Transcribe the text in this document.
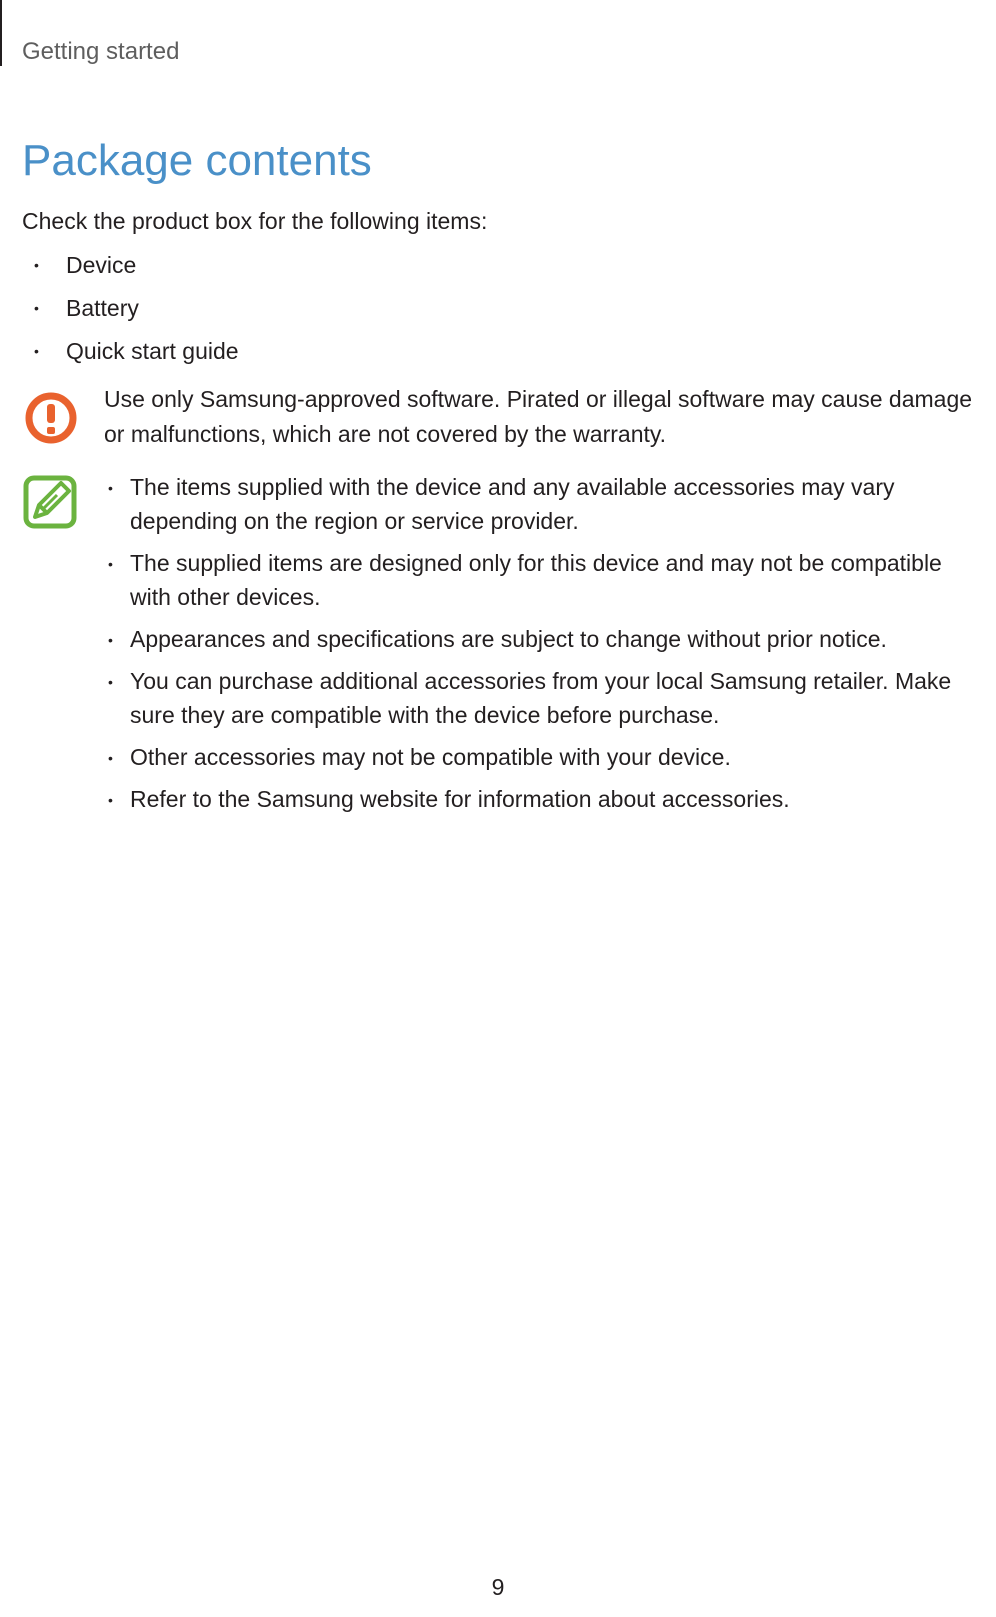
Getting started
Package contents
Check the product box for the following items:
• Device
• Battery
• Quick start guide
Use only Samsung-approved software. Pirated or illegal software may cause damage or malfunctions, which are not covered by the warranty.
• The items supplied with the device and any available accessories may vary depending on the region or service provider.
• The supplied items are designed only for this device and may not be compatible with other devices.
• Appearances and specifications are subject to change without prior notice.
• You can purchase additional accessories from your local Samsung retailer. Make sure they are compatible with the device before purchase.
• Other accessories may not be compatible with your device.
• Refer to the Samsung website for information about accessories.
9
